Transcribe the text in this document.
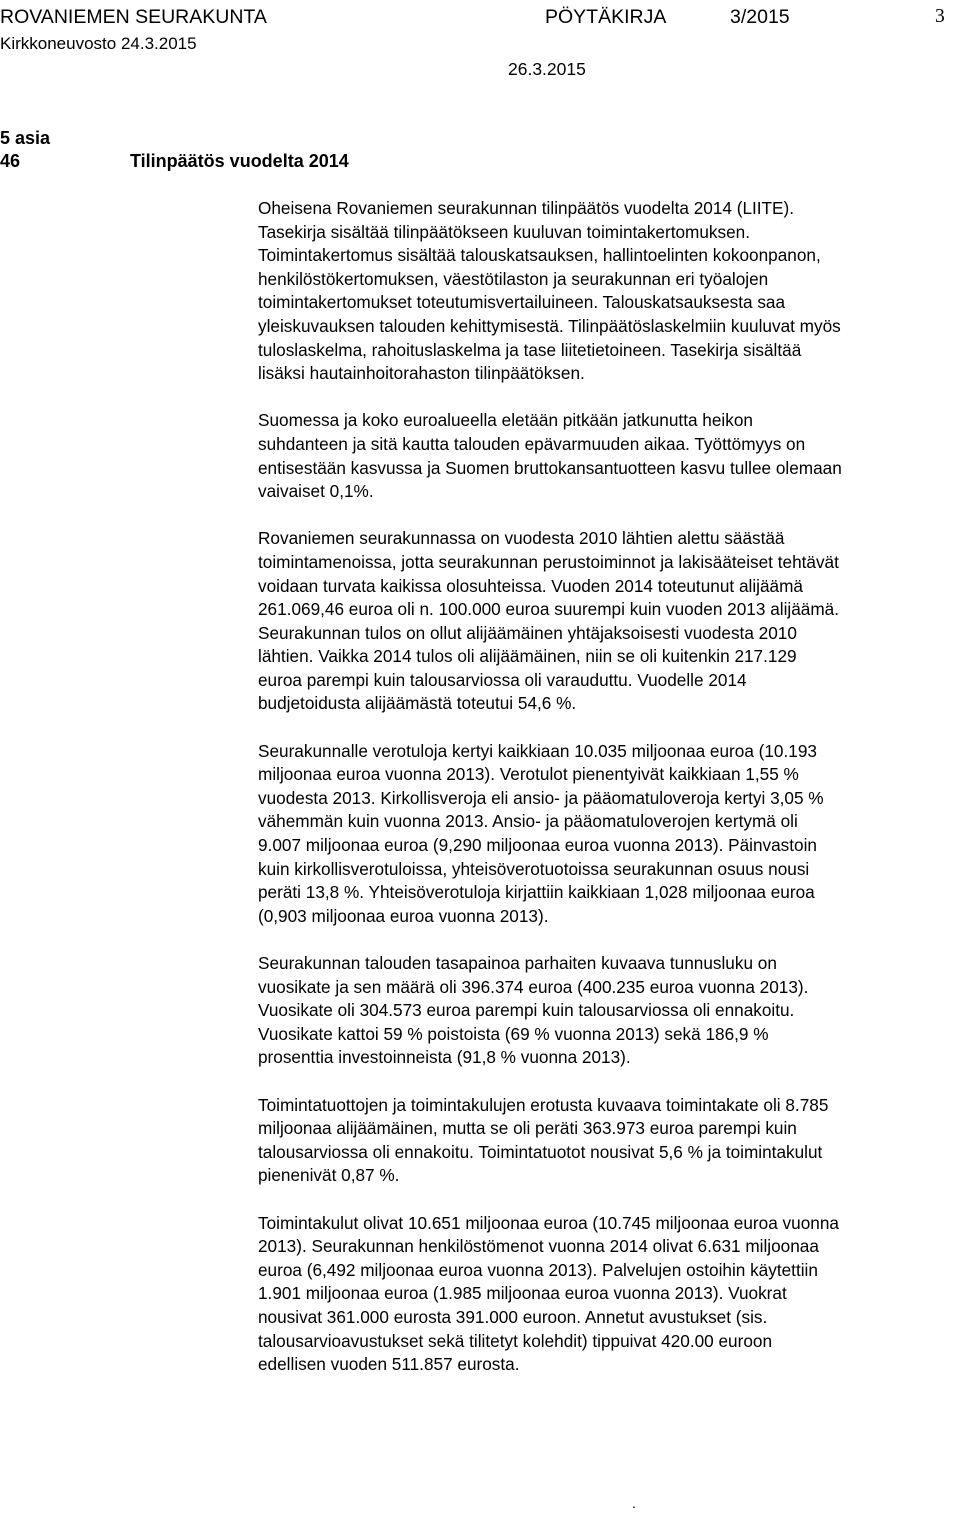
ROVANIEMEN SEURAKUNTA
Kirkkoneuvosto 24.3.2015
PÖYTÄKIRJA	3/2015	3
26.3.2015
5 asia
46	Tilinpäätös vuodelta 2014

Oheisena Rovaniemen seurakunnan tilinpäätös vuodelta 2014 (LIITE).
Tasekirja sisältää tilinpäätökseen kuuluvan toimintakertomuksen.
Toimintakertomus sisältää talouskatsauksen, hallintoelinten kokoonpanon,
henkilöstökertomuksen, väestötilaston ja seurakunnan eri työalojen
toimintakertomukset toteutumisvertailuineen. Talouskatsauksesta saa
yleiskuvauksen talouden kehittymisestä. Tilinpäätöslaskelmiin kuuluvat myös
tuloslaskelma, rahoituslaskelma ja tase liitetietoineen. Tasekirja sisältää
lisäksi hautainhoitorahaston tilinpäätöksen.

Suomessa ja koko euroalueella eletään pitkään jatkunutta heikon
suhdanteen ja sitä kautta talouden epävarmuuden aikaa. Työttömyys on
entisestään kasvussa ja Suomen bruttokansantuotteen kasvu tullee olemaan
vaivaiset 0,1%.

Rovaniemen seurakunnassa on vuodesta 2010 lähtien alettu säästää
toimintamenoissa, jotta seurakunnan perustoiminnot ja lakisääteiset tehtävät
voidaan turvata kaikissa olosuhteissa. Vuoden 2014 toteutunut alijäämä
261.069,46 euroa oli n. 100.000 euroa suurempi kuin vuoden 2013 alijäämä.
Seurakunnan tulos on ollut alijäämäinen yhtäjaksoisesti vuodesta 2010
lähtien. Vaikka 2014 tulos oli alijäämäinen, niin se oli kuitenkin 217.129
euroa parempi kuin talousarviossa oli varauduttu. Vuodelle 2014
budjetoidusta alijäämästä toteutui 54,6 %.

Seurakunnalle verotuloja kertyi kaikkiaan 10.035 miljoonaa euroa (10.193
miljoonaa euroa vuonna 2013). Verotulot pienentyivät kaikkiaan 1,55 %
vuodesta 2013. Kirkollisveroja eli ansio- ja pääomatuloveroja kertyi 3,05 %
vähemmän kuin vuonna 2013. Ansio- ja pääomatuloverojen kertymä oli
9.007 miljoonaa euroa (9,290 miljoonaa euroa vuonna 2013). Päinvastoin
kuin kirkollisverotuloissa, yhteisöverotuotoissa seurakunnan osuus nousi
peräti 13,8 %. Yhteisöverotuloja kirjattiin kaikkiaan 1,028 miljoonaa euroa
(0,903 miljoonaa euroa vuonna 2013).

Seurakunnan talouden tasapainoa parhaiten kuvaava tunnusluku on
vuosikate ja sen määrä oli 396.374 euroa (400.235 euroa vuonna 2013).
Vuosikate oli 304.573 euroa parempi kuin talousarviossa oli ennakoitu.
Vuosikate kattoi 59 % poistoista (69 % vuonna 2013) sekä 186,9 %
prosenttia investoinneista (91,8 % vuonna 2013).

Toimintatuottojen ja toimintakulujen erotusta kuvaava toimintakate oli 8.785
miljoonaa alijäämäinen, mutta se oli peräti 363.973 euroa parempi kuin
talousarviossa oli ennakoitu. Toimintatuotot nousivat 5,6 % ja toimintakulut
pienenivät 0,87 %.

Toimintakulut olivat 10.651 miljoonaa euroa (10.745 miljoonaa euroa vuonna
2013). Seurakunnan henkilöstömenot vuonna 2014 olivat 6.631 miljoonaa
euroa (6,492 miljoonaa euroa vuonna 2013). Palvelujen ostoihin käytettiin
1.901 miljoonaa euroa (1.985 miljoonaa euroa vuonna 2013). Vuokrat
nousivat 361.000 eurosta 391.000 euroon. Annetut avustukset (sis.
talousarvioavustukset sekä tilitetyt kolehdit) tippuivat 420.00 euroon
edellisen vuoden 511.857 eurosta.

.
